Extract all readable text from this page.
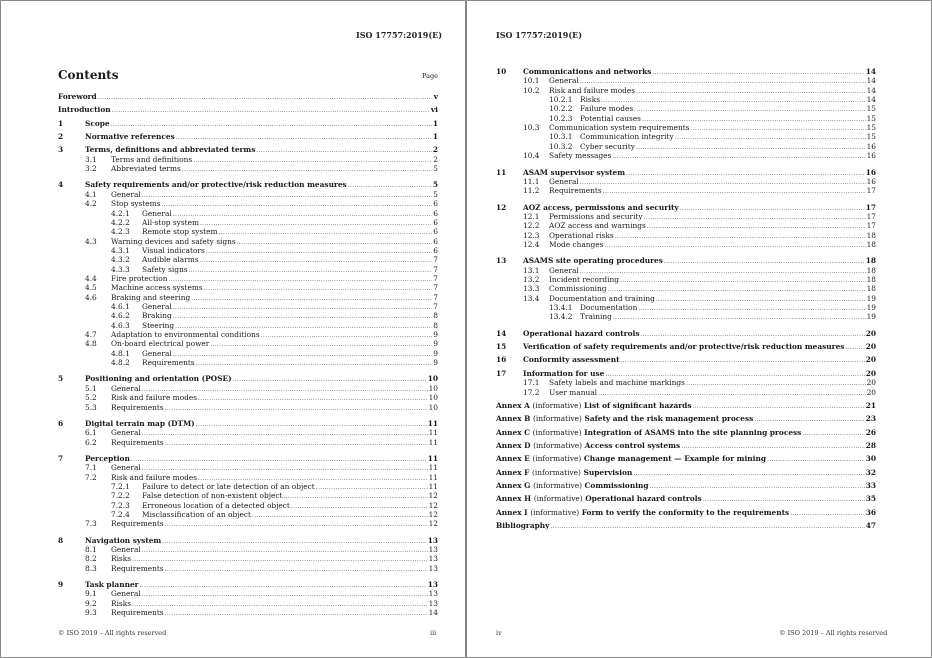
ISO 17757:2019(E)
Contents	Page
Foreword .....	v
Introduction .....	vi
1	Scope .....	1
2	Normative references .....	1
3	Terms, definitions and abbreviated terms .....	2
3.1 Terms and definitions .....	2
3.2 Abbreviated terms .....	5
4	Safety requirements and/or protective/risk reduction measures .....	5
4.1 General .....	5
4.2 Stop systems .....	6
4.2.1 General .....	6
4.2.2 All-stop system .....	6
4.2.3 Remote stop system .....	6
4.3 Warning devices and safety signs .....	6
4.3.1 Visual indicators .....	6
4.3.2 Audible alarms .....	7
4.3.3 Safety signs .....	7
4.4 Fire protection .....	7
4.5 Machine access systems .....	7
4.6 Braking and steering .....	7
4.6.1 General .....	7
4.6.2 Braking .....	8
4.6.3 Steering .....	8
4.7 Adaptation to environmental conditions .....	9
4.8 On-board electrical power .....	9
4.8.1 General .....	9
4.8.2 Requirements .....	9
5	Positioning and orientation (POSE) .....	10
5.1 General .....	10
5.2 Risk and failure modes .....	10
5.3 Requirements .....	10
6	Digital terrain map (DTM) .....	11
6.1 General .....	11
6.2 Requirements .....	11
7	Perception .....	11
7.1 General .....	11
7.2 Risk and failure modes .....	11
7.2.1 Failure to detect or late detection of an object .....	11
7.2.2 False detection of non-existent object .....	12
7.2.3 Erroneous location of a detected object .....	12
7.2.4 Misclassification of an object .....	12
7.3 Requirements .....	12
8	Navigation system .....	13
8.1 General .....	13
8.2 Risks .....	13
8.3 Requirements .....	13
9	Task planner .....	13
9.1 General .....	13
9.2 Risks .....	13
9.3 Requirements .....	14
© ISO 2019 – All rights reserved	iii
ISO 17757:2019(E)
10 Communications and networks .....	14
10.1 General .....	14
10.2 Risk and failure modes .....	14
10.2.1 Risks .....	14
10.2.2 Failure modes .....	15
10.2.3 Potential causes .....	15
10.3 Communication system requirements .....	15
10.3.1 Communication integrity .....	15
10.3.2 Cyber security .....	16
10.4 Safety messages .....	16
11 ASAM supervisor system .....	16
11.1 General .....	16
11.2 Requirements .....	17
12 AOZ access, permissions and security .....	17
12.1 Permissions and security .....	17
12.2 AOZ access and warnings .....	17
12.3 Operational risks .....	18
12.4 Mode changes .....	18
13 ASAMS site operating procedures .....	18
13.1 General .....	18
13.2 Incident recording .....	18
13.3 Commissioning .....	18
13.4 Documentation and training .....	19
13.4.1 Documentation .....	19
13.4.2 Training .....	19
14 Operational hazard controls .....	20
15 Verification of safety requirements and/or protective/risk reduction measures .....	20
16 Conformity assessment .....	20
17 Information for use .....	20
17.1 Safety labels and machine markings .....	20
17.2 User manual .....	20
Annex A (informative) List of significant hazards .....	21
Annex B (informative) Safety and the risk management process .....	23
Annex C (informative) Integration of ASAMS into the site planning process .....	26
Annex D (informative) Access control systems .....	28
Annex E (informative) Change management — Example for mining .....	30
Annex F (informative) Supervision .....	32
Annex G (informative) Commissioning .....	33
Annex H (informative) Operational hazard controls .....	35
Annex I (informative) Form to verify the conformity to the requirements .....	36
Bibliography .....	47
iv	© ISO 2019 – All rights reserved
